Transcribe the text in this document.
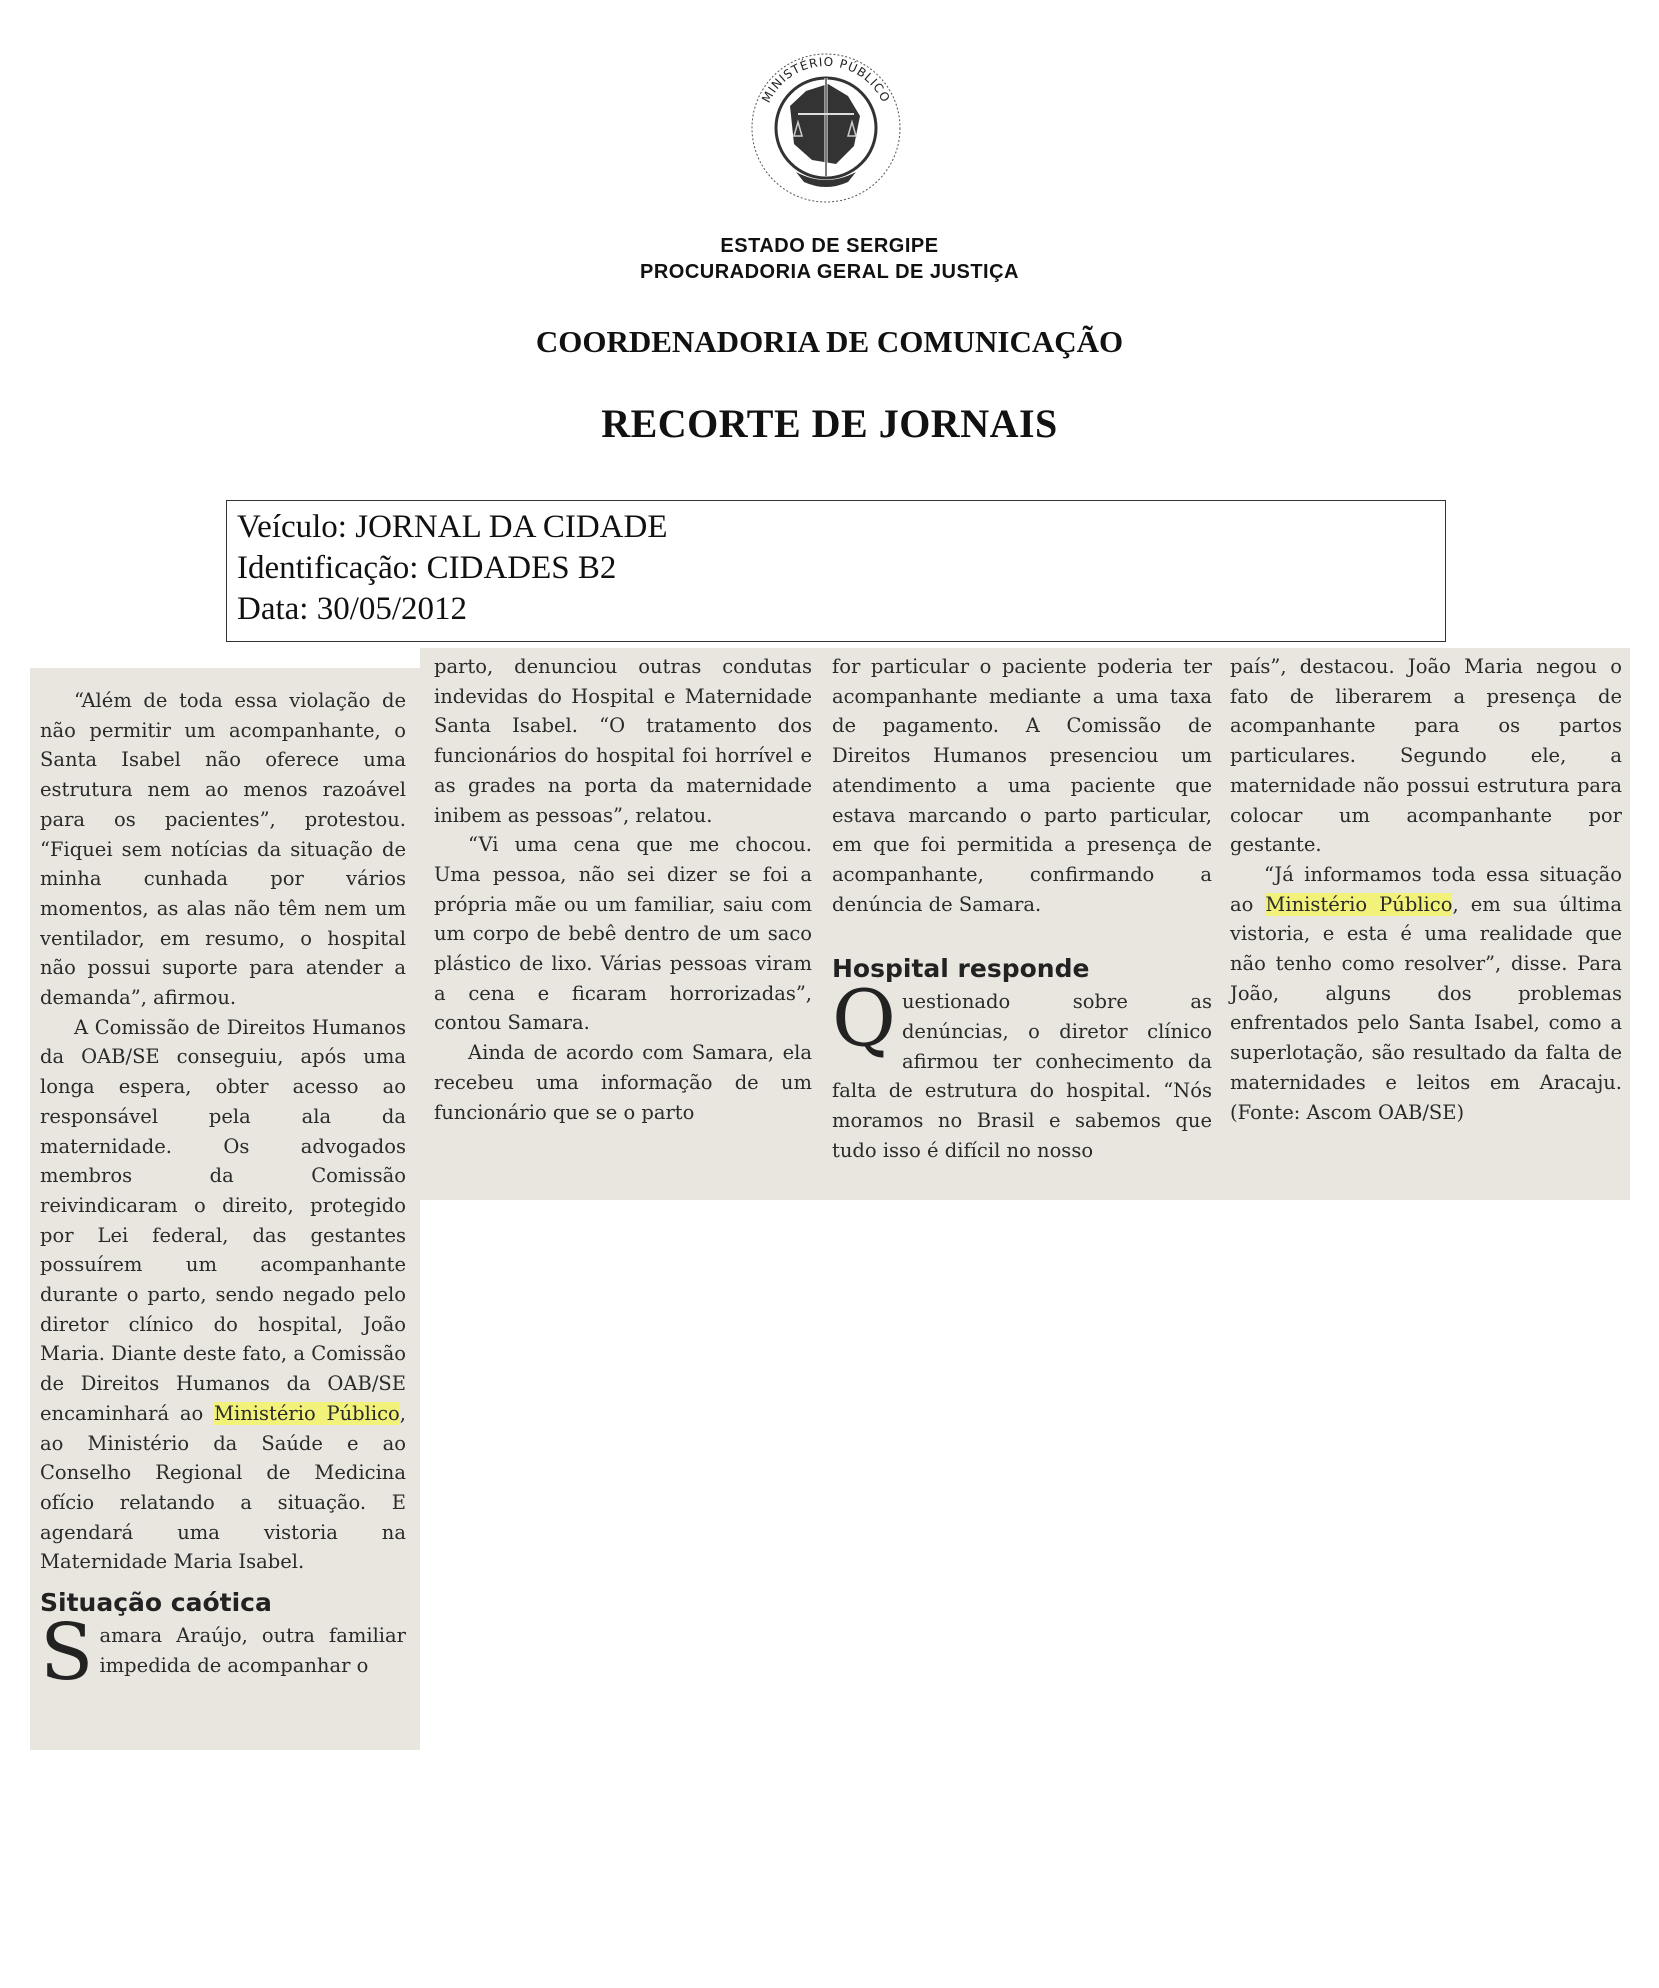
MINISTÉRIO PÚBLICO
ESTADO DE SERGIPE
PROCURADORIA GERAL DE JUSTIÇA
COORDENADORIA DE COMUNICAÇÃO
RECORTE DE JORNAIS
Veículo: JORNAL DA CIDADE
Identificação: CIDADES B2
Data: 30/05/2012

“Além de toda essa violação de não permitir um acompanhante, o Santa Isabel não oferece uma estrutura nem ao menos razoável para os pacientes”, protestou. “Fiquei sem notícias da situação de minha cunhada por vários momentos, as alas não têm nem um ventilador, em resumo, o hospital não possui suporte para atender a demanda”, afirmou.

A Comissão de Direitos Humanos da OAB/SE conseguiu, após uma longa espera, obter acesso ao responsável pela ala da maternidade. Os advogados membros da Comissão reivindicaram o direito, protegido por Lei federal, das gestantes possuírem um acompanhante durante o parto, sendo negado pelo diretor clínico do hospital, João Maria. Diante deste fato, a Comissão de Direitos Humanos da OAB/SE encaminhará ao Ministério Público, ao Ministério da Saúde e ao Conselho Regional de Medicina ofício relatando a situação. E agendará uma vistoria na Maternidade Maria Isabel.

Situação caótica

Samara Araújo, outra familiar impedida de acompanhar o

parto, denunciou outras condutas indevidas do Hospital e Maternidade Santa Isabel. “O tratamento dos funcionários do hospital foi horrível e as grades na porta da maternidade inibem as pessoas”, relatou.

“Vi uma cena que me chocou. Uma pessoa, não sei dizer se foi a própria mãe ou um familiar, saiu com um corpo de bebê dentro de um saco plástico de lixo. Várias pessoas viram a cena e ficaram horrorizadas”, contou Samara.

Ainda de acordo com Samara, ela recebeu uma informação de um funcionário que se o parto

for particular o paciente poderia ter acompanhante mediante a uma taxa de pagamento. A Comissão de Direitos Humanos presenciou um atendimento a uma paciente que estava marcando o parto particular, em que foi permitida a presença de acompanhante, confirmando a denúncia de Samara.

Hospital responde

Questionado sobre as denúncias, o diretor clínico afirmou ter conhecimento da falta de estrutura do hospital. “Nós moramos no Brasil e sabemos que tudo isso é difícil no nosso

país”, destacou. João Maria negou o fato de liberarem a presença de acompanhante para os partos particulares. Segundo ele, a maternidade não possui estrutura para colocar um acompanhante por gestante.

“Já informamos toda essa situação ao Ministério Público, em sua última vistoria, e esta é uma realidade que não tenho como resolver”, disse. Para João, alguns dos problemas enfrentados pelo Santa Isabel, como a superlotação, são resultado da falta de maternidades e leitos em Aracaju. (Fonte: Ascom OAB/SE)
